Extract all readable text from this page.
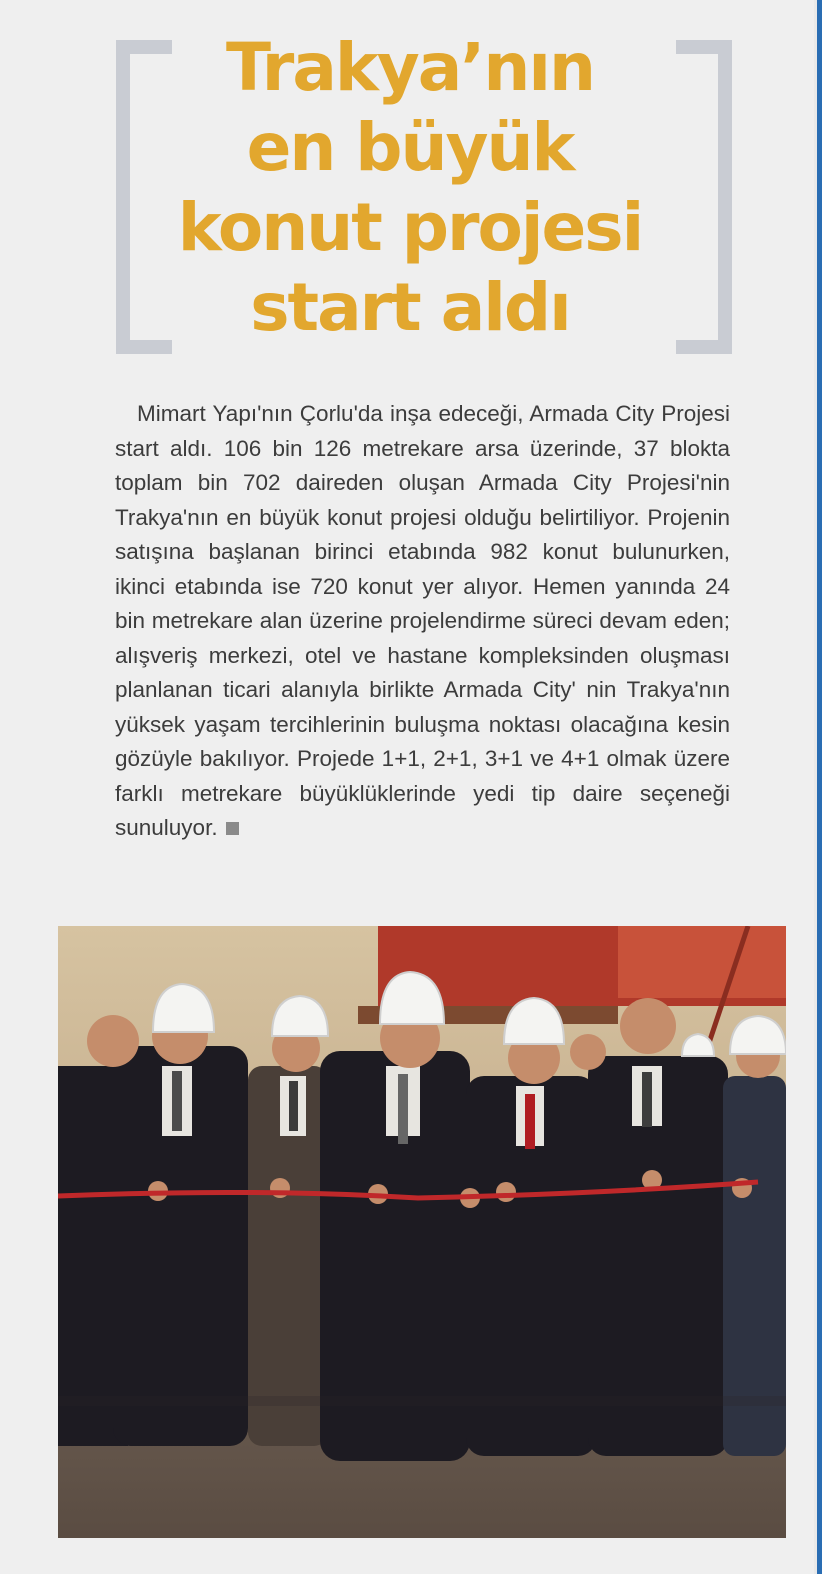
Trakya’nın
en büyük
konut projesi
start aldı

Mimart Yapı'nın Çorlu'da inşa edeceği, Armada City Projesi start aldı. 106 bin 126 metrekare arsa üzerinde, 37 blokta toplam bin 702 daireden oluşan Armada City Projesi'nin Trakya'nın en büyük konut projesi olduğu belirtiliyor. Projenin satışına başlanan birinci etabında 982 konut bulunurken, ikinci etabında ise 720 konut yer alıyor. Hemen yanında 24 bin metrekare alan üzerine projelendirme süreci devam eden; alışveriş merkezi, otel ve hastane kompleksinden oluşması planlanan ticari alanıyla birlikte Armada City' nin Trakya'nın yüksek yaşam tercihlerinin buluşma noktası olacağına kesin gözüyle bakılıyor. Projede 1+1, 2+1, 3+1 ve 4+1 olmak üzere farklı metrekare büyüklüklerinde yedi tip daire seçeneği sunuluyor.
